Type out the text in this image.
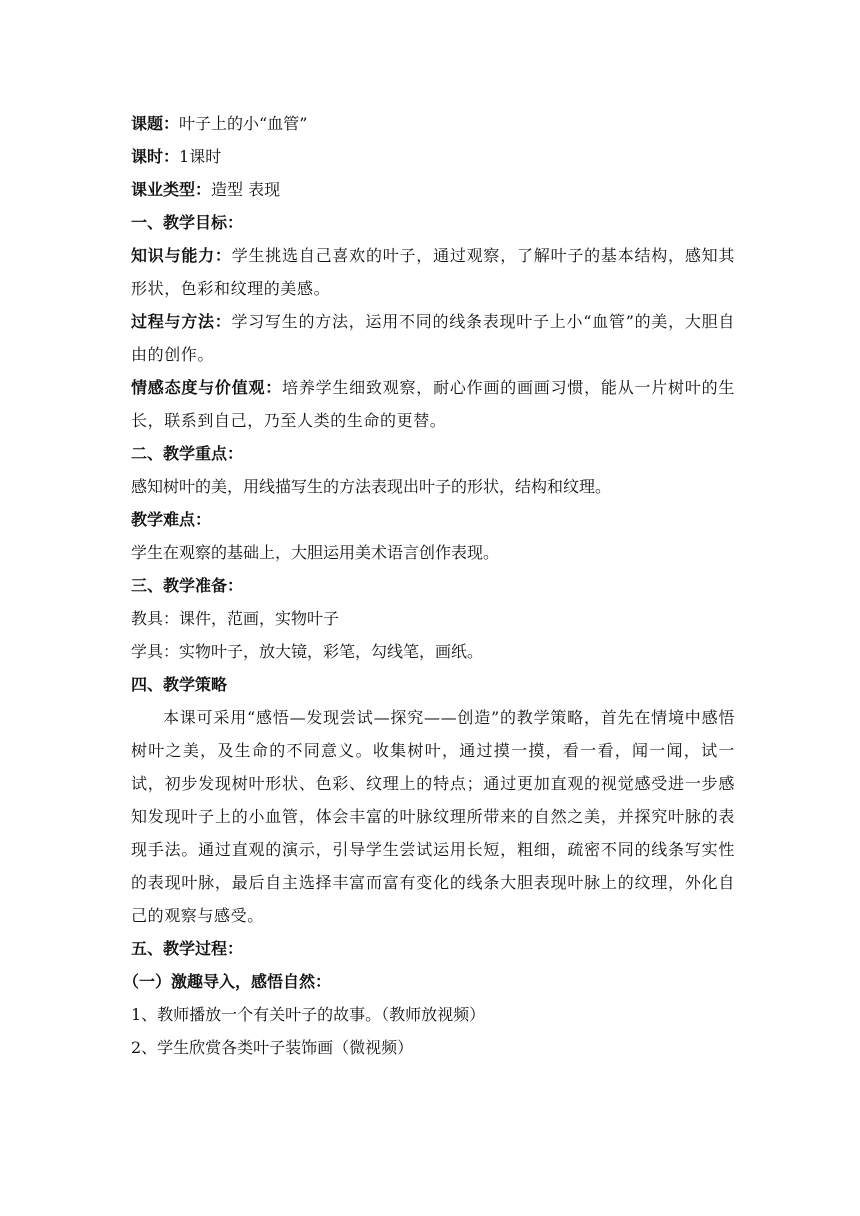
课题：叶子上的小“血管”
课时：1课时
课业类型：造型 表现
一、教学目标：
知识与能力：学生挑选自己喜欢的叶子，通过观察，了解叶子的基本结构，感知其形状，色彩和纹理的美感。
过程与方法：学习写生的方法，运用不同的线条表现叶子上小“血管”的美，大胆自由的创作。
情感态度与价值观：培养学生细致观察，耐心作画的画画习惯，能从一片树叶的生长，联系到自己，乃至人类的生命的更替。
二、教学重点：
感知树叶的美，用线描写生的方法表现出叶子的形状，结构和纹理。
教学难点：
学生在观察的基础上，大胆运用美术语言创作表现。
三、教学准备：
教具：课件，范画，实物叶子
学具：实物叶子，放大镜，彩笔，勾线笔，画纸。
四、教学策略
本课可采用“感悟—发现尝试—探究——创造”的教学策略，首先在情境中感悟树叶之美，及生命的不同意义。收集树叶，通过摸一摸，看一看，闻一闻，试一试，初步发现树叶形状、色彩、纹理上的特点；通过更加直观的视觉感受进一步感知发现叶子上的小血管，体会丰富的叶脉纹理所带来的自然之美，并探究叶脉的表现手法。通过直观的演示，引导学生尝试运用长短，粗细，疏密不同的线条写实性的表现叶脉，最后自主选择丰富而富有变化的线条大胆表现叶脉上的纹理，外化自己的观察与感受。
五、教学过程：
（一）激趣导入，感悟自然：
1、教师播放一个有关叶子的故事。（教师放视频）
2、学生欣赏各类叶子装饰画（微视频）
